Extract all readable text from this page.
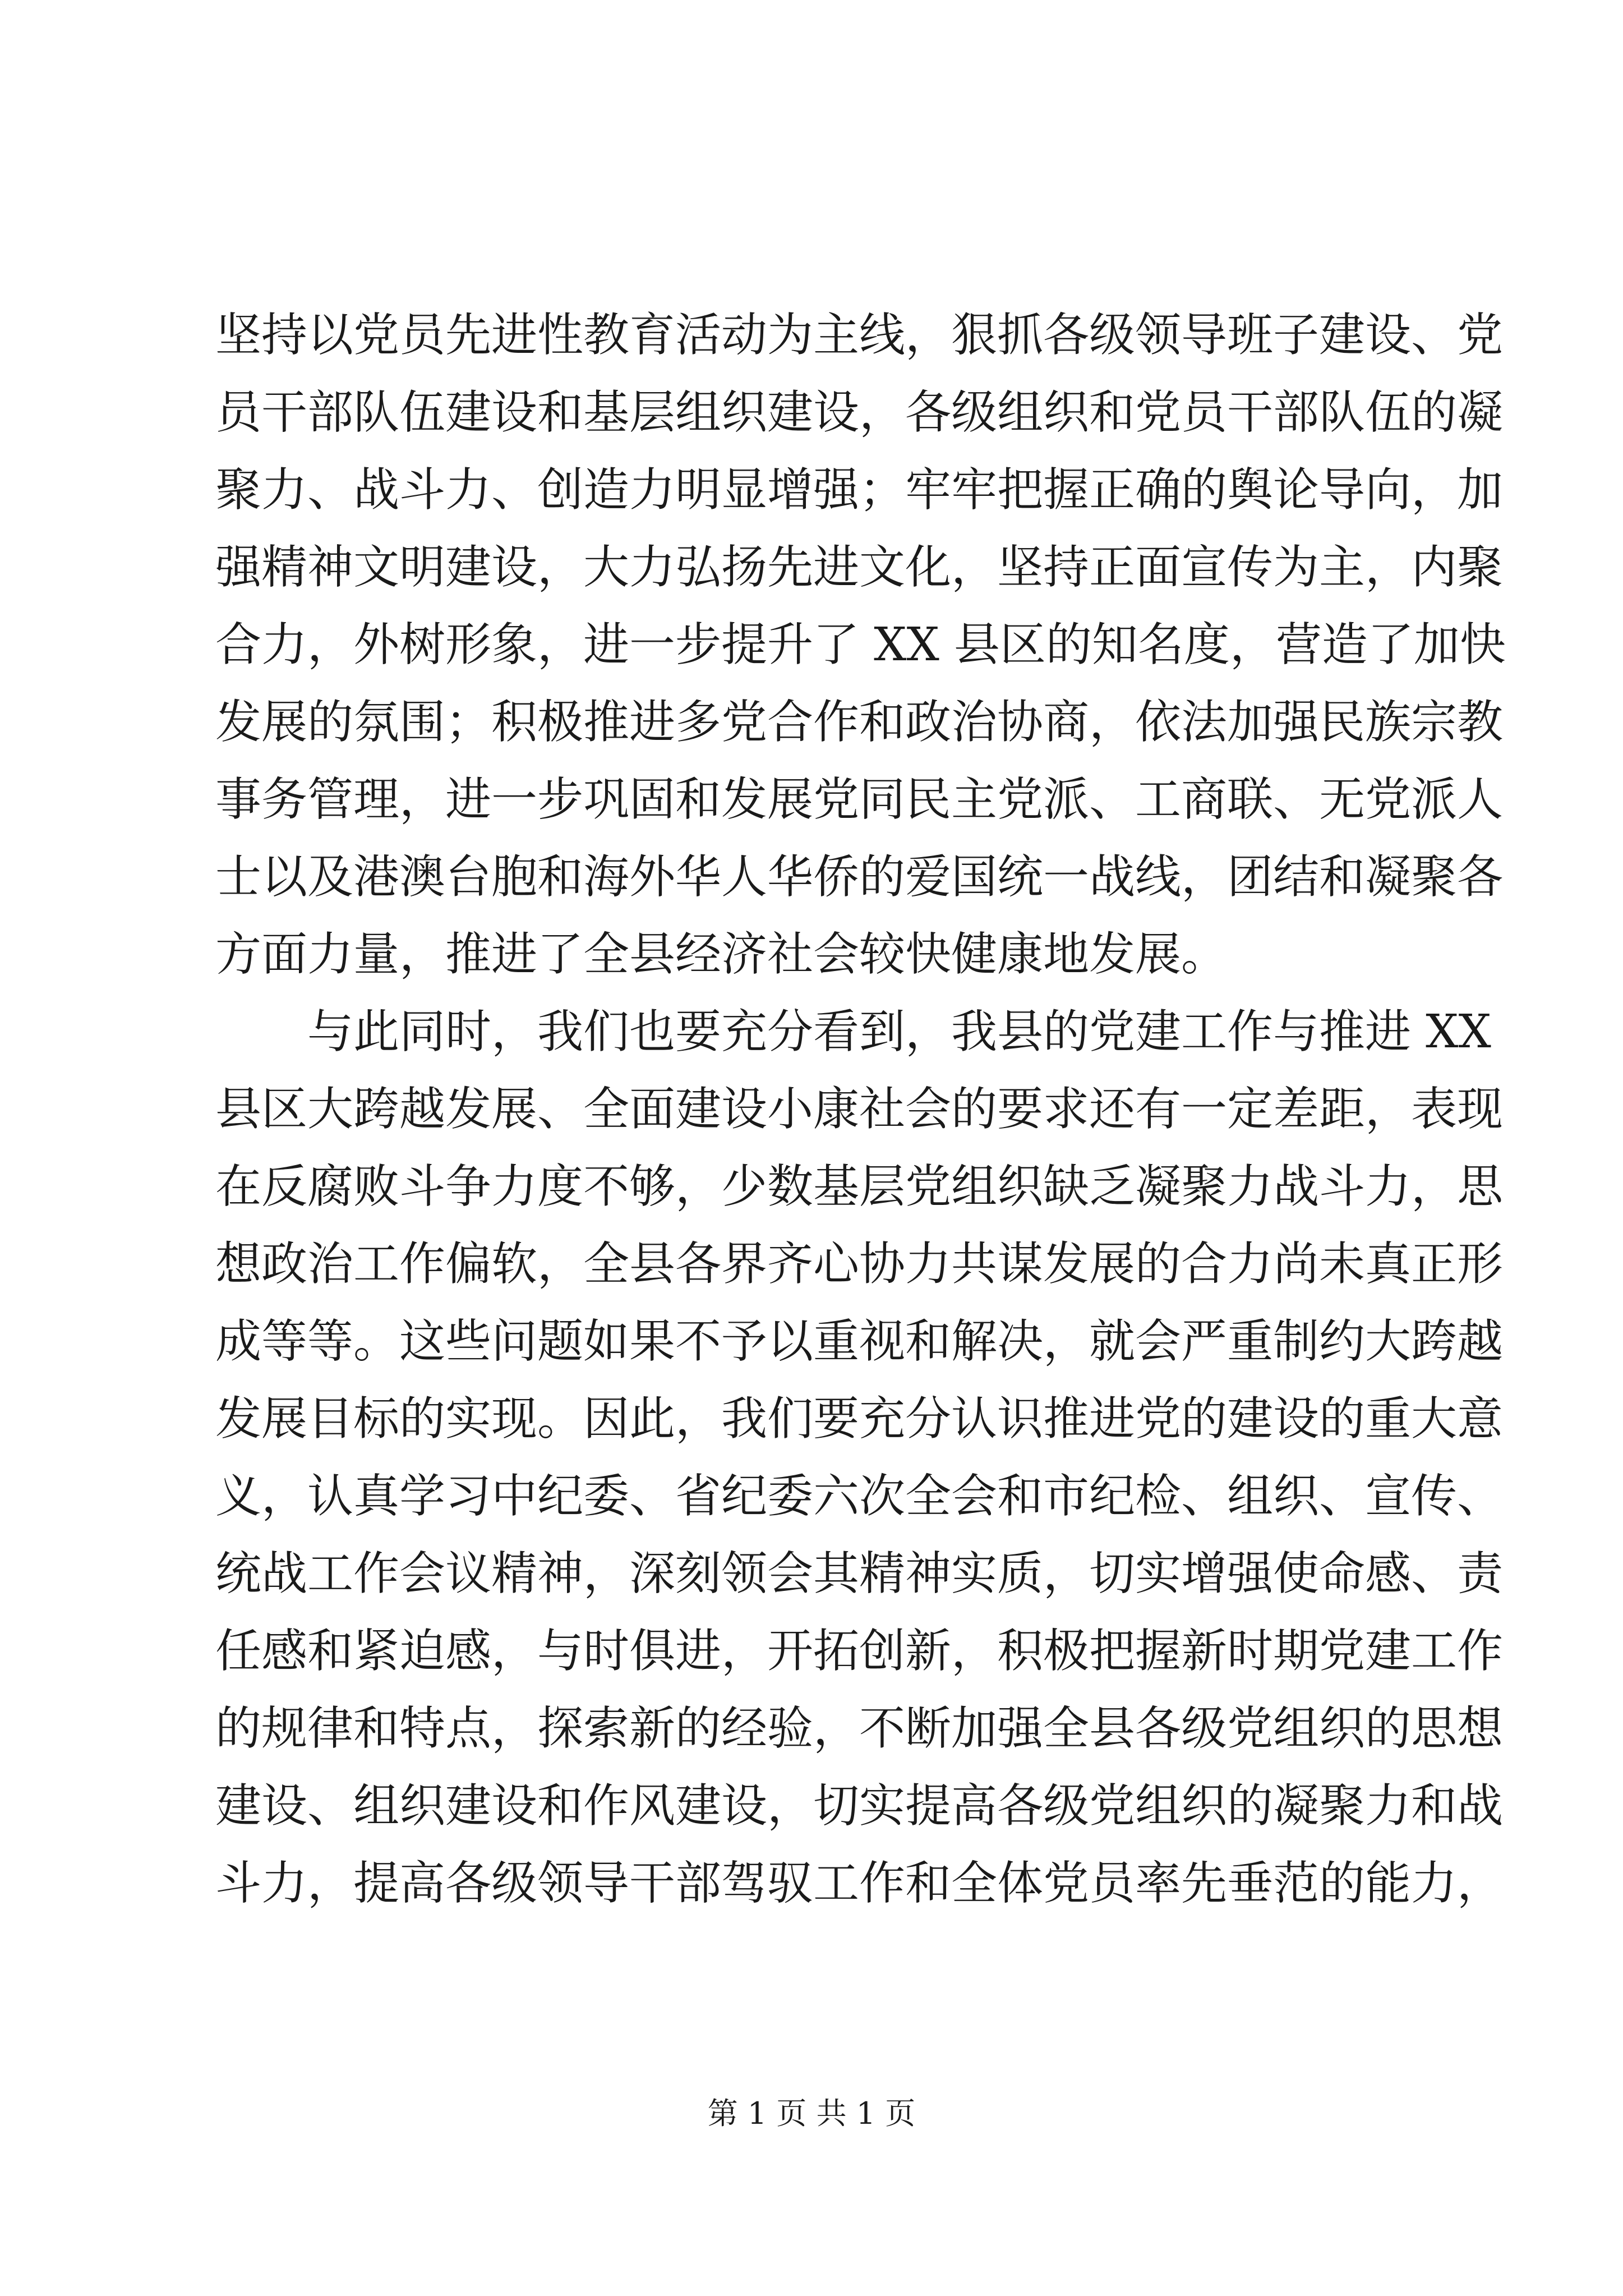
坚持以党员先进性教育活动为主线，狠抓各级领导班子建设、党
员干部队伍建设和基层组织建设，各级组织和党员干部队伍的凝
聚力、战斗力、创造力明显增强；牢牢把握正确的舆论导向，加
强精神文明建设，大力弘扬先进文化，坚持正面宣传为主，内聚
合力，外树形象，进一步提升了 XX 县区的知名度，营造了加快
发展的氛围；积极推进多党合作和政治协商，依法加强民族宗教
事务管理，进一步巩固和发展党同民主党派、工商联、无党派人
士以及港澳台胞和海外华人华侨的爱国统一战线，团结和凝聚各
方面力量，推进了全县经济社会较快健康地发展。
与此同时，我们也要充分看到，我县的党建工作与推进 XX
县区大跨越发展、全面建设小康社会的要求还有一定差距，表现
在反腐败斗争力度不够，少数基层党组织缺乏凝聚力战斗力，思
想政治工作偏软，全县各界齐心协力共谋发展的合力尚未真正形
成等等。这些问题如果不予以重视和解决，就会严重制约大跨越
发展目标的实现。因此，我们要充分认识推进党的建设的重大意
义，认真学习中纪委、省纪委六次全会和市纪检、组织、宣传、
统战工作会议精神，深刻领会其精神实质，切实增强使命感、责
任感和紧迫感，与时俱进，开拓创新，积极把握新时期党建工作
的规律和特点，探索新的经验，不断加强全县各级党组织的思想
建设、组织建设和作风建设，切实提高各级党组织的凝聚力和战
斗力，提高各级领导干部驾驭工作和全体党员率先垂范的能力，
第 1 页 共 1 页
